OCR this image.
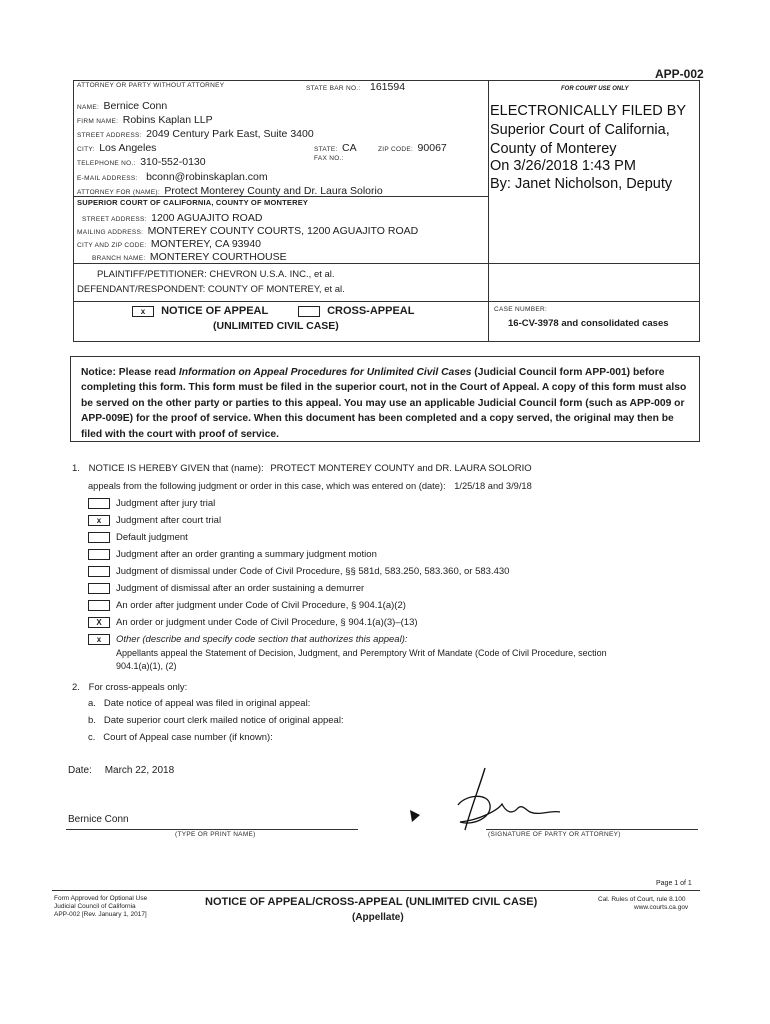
APP-002
ATTORNEY OR PARTY WITHOUT ATTORNEY	STATE BAR NO.: 161594
NAME: Bernice Conn
FIRM NAME: Robins Kaplan LLP
STREET ADDRESS: 2049 Century Park East, Suite 3400
CITY: Los Angeles	STATE: CA	ZIP CODE: 90067
TELEPHONE NO.: 310-552-0130	FAX NO.:
E-MAIL ADDRESS: bconn@robinskaplan.com
ATTORNEY FOR (NAME): Protect Monterey County and Dr. Laura Solorio
SUPERIOR COURT OF CALIFORNIA, COUNTY OF MONTEREY
STREET ADDRESS: 1200 AGUAJITO ROAD
MAILING ADDRESS: MONTEREY COUNTY COURTS, 1200 AGUAJITO ROAD
CITY AND ZIP CODE: MONTEREY, CA 93940
BRANCH NAME: MONTEREY COURTHOUSE
PLAINTIFF/PETITIONER: CHEVRON U.S.A. INC., et al.
DEFENDANT/RESPONDENT: COUNTY OF MONTEREY, et al.
x NOTICE OF APPEAL	CROSS-APPEAL
(UNLIMITED CIVIL CASE)
FOR COURT USE ONLY
ELECTRONICALLY FILED BY
Superior Court of California,
County of Monterey
On 3/26/2018 1:43 PM
By: Janet Nicholson, Deputy
CASE NUMBER:
16-CV-3978 and consolidated cases
Notice: Please read Information on Appeal Procedures for Unlimited Civil Cases (Judicial Council form APP-001) before completing this form. This form must be filed in the superior court, not in the Court of Appeal. A copy of this form must also be served on the other party or parties to this appeal. You may use an applicable Judicial Council form (such as APP-009 or APP-009E) for the proof of service. When this document has been completed and a copy served, the original may then be filed with the court with proof of service.
1. NOTICE IS HEREBY GIVEN that (name): PROTECT MONTEREY COUNTY and DR. LAURA SOLORIO
appeals from the following judgment or order in this case, which was entered on (date): 1/25/18 and 3/9/18
Judgment after jury trial
x Judgment after court trial
Default judgment
Judgment after an order granting a summary judgment motion
Judgment of dismissal under Code of Civil Procedure, §§ 581d, 583.250, 583.360, or 583.430
Judgment of dismissal after an order sustaining a demurrer
An order after judgment under Code of Civil Procedure, § 904.1(a)(2)
X An order or judgment under Code of Civil Procedure, § 904.1(a)(3)–(13)
x Other (describe and specify code section that authorizes this appeal):
Appellants appeal the Statement of Decision, Judgment, and Peremptory Writ of Mandate (Code of Civil Procedure, section
904.1(a)(1), (2)
2. For cross-appeals only:
a.   Date notice of appeal was filed in original appeal:
b.   Date superior court clerk mailed notice of original appeal:
c.   Court of Appeal case number (if known):
Date: March 22, 2018
Bernice Conn
(TYPE OR PRINT NAME)	(SIGNATURE OF PARTY OR ATTORNEY)
Page 1 of 1
Form Approved for Optional Use
Judicial Council of California
APP-002 [Rev. January 1, 2017]
NOTICE OF APPEAL/CROSS-APPEAL (UNLIMITED CIVIL CASE)
(Appellate)
Cal. Rules of Court, rule 8.100
www.courts.ca.gov
